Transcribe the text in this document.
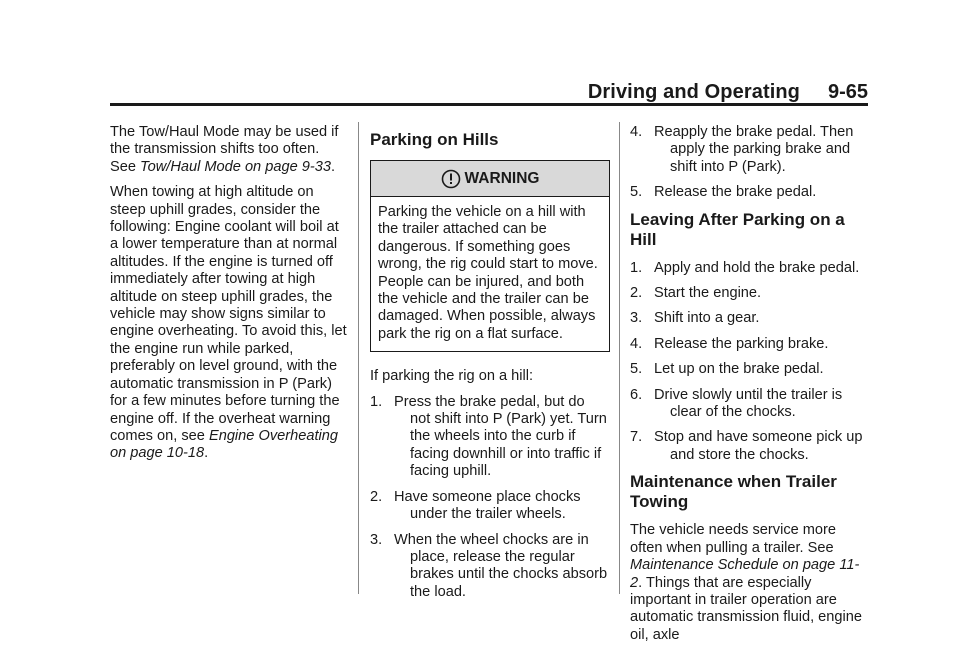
Driving and Operating 9-65

The Tow/Haul Mode may be used if the transmission shifts too often. See Tow/Haul Mode on page 9-33.

When towing at high altitude on steep uphill grades, consider the following: Engine coolant will boil at a lower temperature than at normal altitudes. If the engine is turned off immediately after towing at high altitude on steep uphill grades, the vehicle may show signs similar to engine overheating. To avoid this, let the engine run while parked, preferably on level ground, with the automatic transmission in P (Park) for a few minutes before turning the engine off. If the overheat warning comes on, see Engine Overheating on page 10-18.

Parking on Hills
WARNING
Parking the vehicle on a hill with the trailer attached can be dangerous. If something goes wrong, the rig could start to move. People can be injured, and both the vehicle and the trailer can be damaged. When possible, always park the rig on a flat surface.

If parking the rig on a hill:

1. Press the brake pedal, but do
not shift into P (Park) yet. Turn the wheels into the curb if facing downhill or into traffic if facing uphill.
2. Have someone place chocks
under the trailer wheels.
3. When the wheel chocks are in
place, release the regular brakes until the chocks absorb the load.
4. Reapply the brake pedal. Then
apply the parking brake and shift into P (Park).
5. Release the brake pedal.
Leaving After Parking on a Hill
1. Apply and hold the brake pedal.
2. Start the engine.
3. Shift into a gear.
4. Release the parking brake.
5. Let up on the brake pedal.
6. Drive slowly until the trailer is
clear of the chocks.
7. Stop and have someone pick up
and store the chocks.
Maintenance when Trailer Towing

The vehicle needs service more often when pulling a trailer. See Maintenance Schedule on page 11-2. Things that are especially important in trailer operation are automatic transmission fluid, engine oil, axle
